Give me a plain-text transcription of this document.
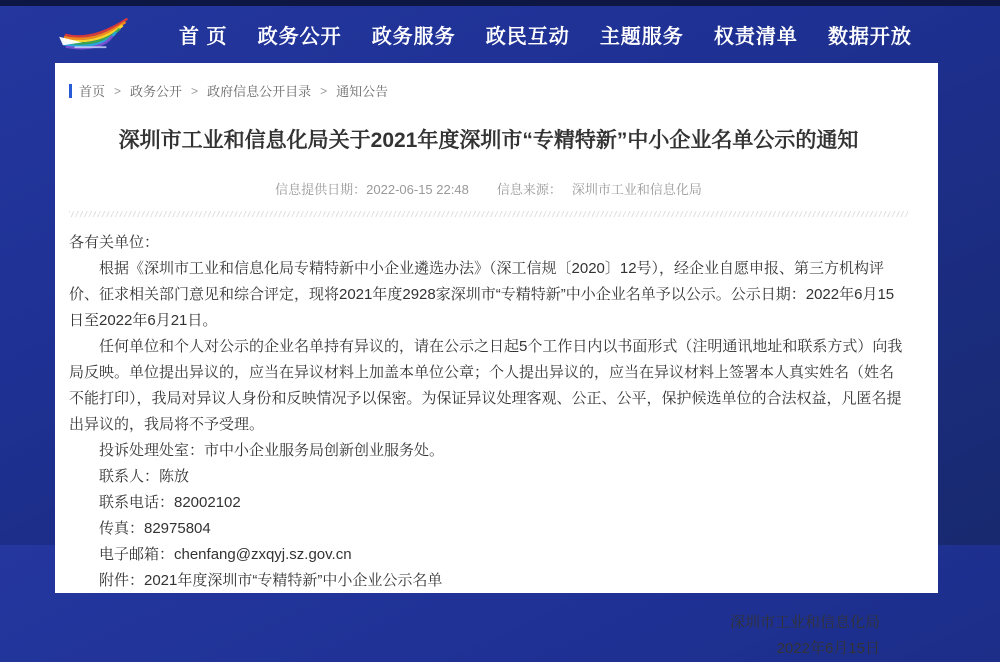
首 页 政务公开 政务服务 政民互动 主题服务 权责清单 数据开放
首页 > 政务公开 > 政府信息公开目录 > 通知公告
深圳市工业和信息化局关于2021年度深圳市“专精特新”中小企业名单公示的通知
信息提供日期：2022-06-15 22:48 信息来源： 深圳市工业和信息化局

各有关单位：

根据《深圳市工业和信息化局专精特新中小企业遴选办法》（深工信规〔2020〕12号），经企业自愿申报、第三方机构评价、征求相关部门意见和综合评定，现将2021年度2928家深圳市“专精特新”中小企业名单予以公示。公示日期：2022年6月15日至2022年6月21日。

任何单位和个人对公示的企业名单持有异议的，请在公示之日起5个工作日内以书面形式（注明通讯地址和联系方式）向我局反映。单位提出异议的，应当在异议材料上加盖本单位公章；个人提出异议的，应当在异议材料上签署本人真实姓名（姓名不能打印），我局对异议人身份和反映情况予以保密。为保证异议处理客观、公正、公平，保护候选单位的合法权益，凡匿名提出异议的，我局将不予受理。

投诉处理处室：市中小企业服务局创新创业服务处。

联系人：陈放

联系电话：82002102

传真：82975804

电子邮箱：chenfang@zxqyj.sz.gov.cn

附件：2021年度深圳市“专精特新”中小企业公示名单

深圳市工业和信息化局

2022年6月15日
